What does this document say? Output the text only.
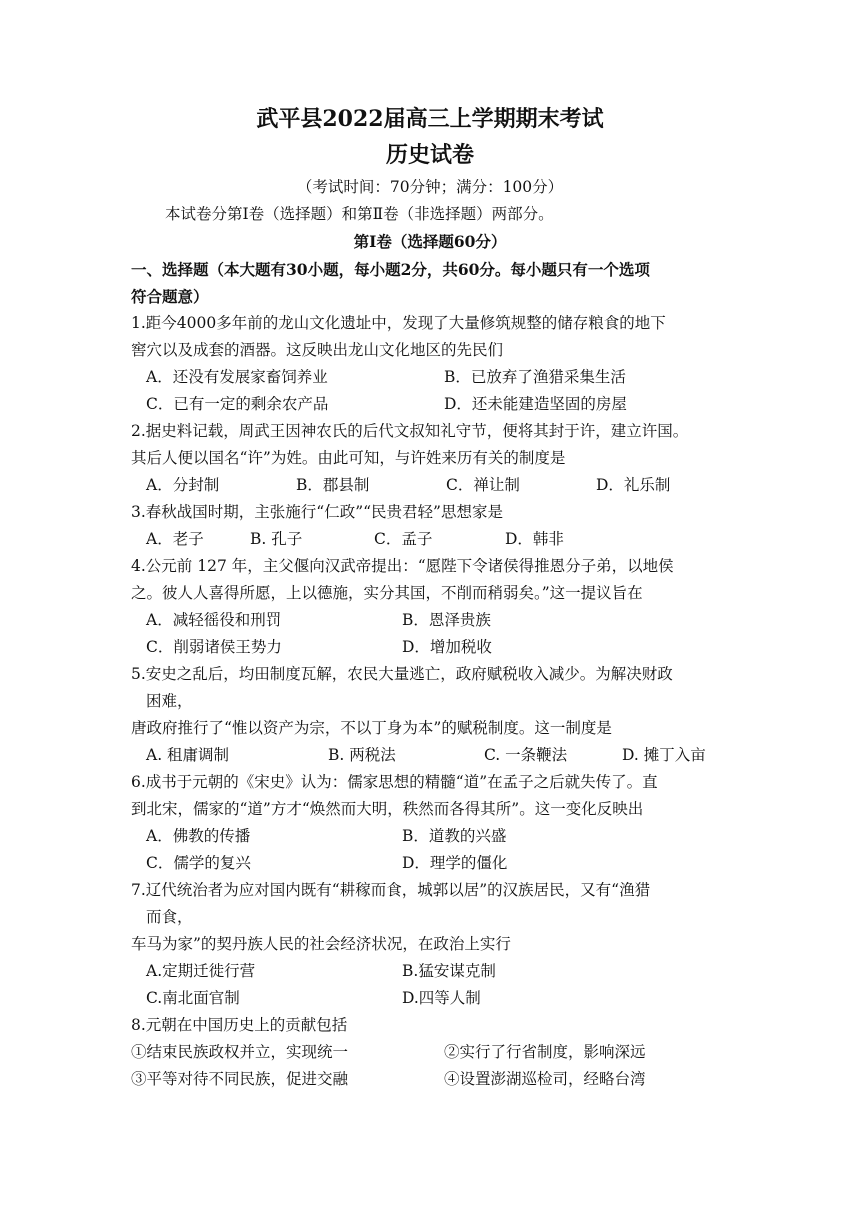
武平县2022届高三上学期期末考试
历史试卷
（考试时间：70分钟；满分：100分）
本试卷分第Ⅰ卷（选择题）和第Ⅱ卷（非选择题）两部分。
第Ⅰ卷（选择题60分）
一、选择题（本大题有30小题，每小题2分，共60分。每小题只有一个选项
符合题意）
1.距今4000多年前的龙山文化遗址中，发现了大量修筑规整的储存粮食的地下
窖穴以及成套的酒器。这反映出龙山文化地区的先民们
A．还没有发展家畜饲养业	B．已放弃了渔猎采集生活
C．已有一定的剩余农产品	D．还未能建造坚固的房屋
2.据史料记载，周武王因神农氏的后代文叔知礼守节，便将其封于许，建立许国。
其后人便以国名“许”为姓。由此可知，与许姓来历有关的制度是
A．分封制	B．郡县制	C．禅让制	D．礼乐制
3.春秋战国时期，主张施行“仁政”“民贵君轻”思想家是
A．老子	B. 孔子	C．孟子	D．韩非
4.公元前 127 年，主父偃向汉武帝提出：“愿陛下令诸侯得推恩分子弟，以地侯
之。彼人人喜得所愿，上以德施，实分其国，不削而稍弱矣。”这一提议旨在
A．减轻徭役和刑罚	B．恩泽贵族
C．削弱诸侯王势力	D．增加税收
5.安史之乱后，均田制度瓦解，农民大量逃亡，政府赋税收入减少。为解决财政
困难，
唐政府推行了“惟以资产为宗，不以丁身为本”的赋税制度。这一制度是
A. 租庸调制	B. 两税法	C. 一条鞭法	D. 摊丁入亩
6.成书于元朝的《宋史》认为：儒家思想的精髓“道”在孟子之后就失传了。直
到北宋，儒家的“道”方才“焕然而大明，秩然而各得其所”。这一变化反映出
A．佛教的传播	B．道教的兴盛
C．儒学的复兴	D．理学的僵化
7.辽代统治者为应对国内既有“耕稼而食，城郭以居”的汉族居民，又有“渔猎
而食，
车马为家”的契丹族人民的社会经济状况，在政治上实行
A.定期迁徙行营	B.猛安谋克制
C.南北面官制	D.四等人制
8.元朝在中国历史上的贡献包括
①结束民族政权并立，实现统一	②实行了行省制度，影响深远
③平等对待不同民族，促进交融	④设置澎湖巡检司，经略台湾
